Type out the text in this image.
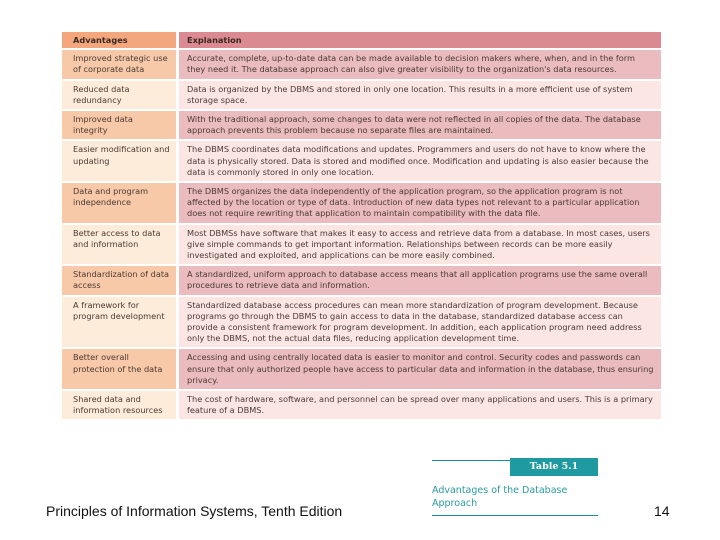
Advantages	Explanation
Improved strategic use of corporate data
Accurate, complete, up-to-date data can be made available to decision makers where, when, and in the form they need it. The database approach can also give greater visibility to the organization's data resources.
Reduced data redundancy
Data is organized by the DBMS and stored in only one location. This results in a more efficient use of system storage space.
Improved data integrity
With the traditional approach, some changes to data were not reflected in all copies of the data. The database approach prevents this problem because no separate files are maintained.
Easier modification and updating
The DBMS coordinates data modifications and updates. Programmers and users do not have to know where the data is physically stored. Data is stored and modified once. Modification and updating is also easier because the data is commonly stored in only one location.
Data and program independence
The DBMS organizes the data independently of the application program, so the application program is not affected by the location or type of data. Introduction of new data types not relevant to a particular application does not require rewriting that application to maintain compatibility with the data file.
Better access to data and information
Most DBMSs have software that makes it easy to access and retrieve data from a database. In most cases, users give simple commands to get important information. Relationships between records can be more easily investigated and exploited, and applications can be more easily combined.
Standardization of data access
A standardized, uniform approach to database access means that all application programs use the same overall procedures to retrieve data and information.
A framework for program development
Standardized database access procedures can mean more standardization of program development. Because programs go through the DBMS to gain access to data in the database, standardized database access can provide a consistent framework for program development. In addition, each application program need address only the DBMS, not the actual data files, reducing application development time.
Better overall protection of the data
Accessing and using centrally located data is easier to monitor and control. Security codes and passwords can ensure that only authorized people have access to particular data and information in the database, thus ensuring privacy.
Shared data and information resources
The cost of hardware, software, and personnel can be spread over many applications and users. This is a primary feature of a DBMS.
Table 5.1
Advantages of the Database Approach
Principles of Information Systems, Tenth Edition	14
